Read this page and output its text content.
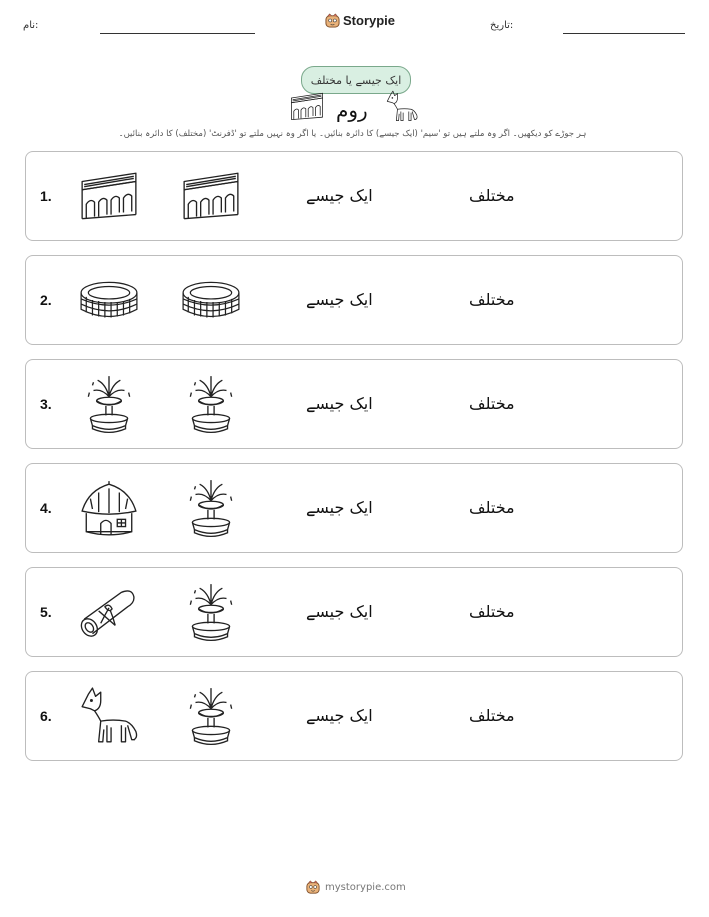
تاریخ:
نام:	Storypie
ایک جیسے یا مختلف
روم
ہر جوڑے کو دیکھیں۔ اگر وہ ملتے ہیں تو 'سیم' (ایک جیسے) کا دائرہ بنائیں۔ یا اگر وہ نہیں ملتے تو 'ڈفرنٹ' (مختلف) کا دائرہ بنائیں۔
1.	ایک جیسے	مختلف
2.	ایک جیسے	مختلف
3.	ایک جیسے	مختلف
4.	ایک جیسے	مختلف
5.	ایک جیسے	مختلف
6.	ایک جیسے	مختلف
mystorypie.com
